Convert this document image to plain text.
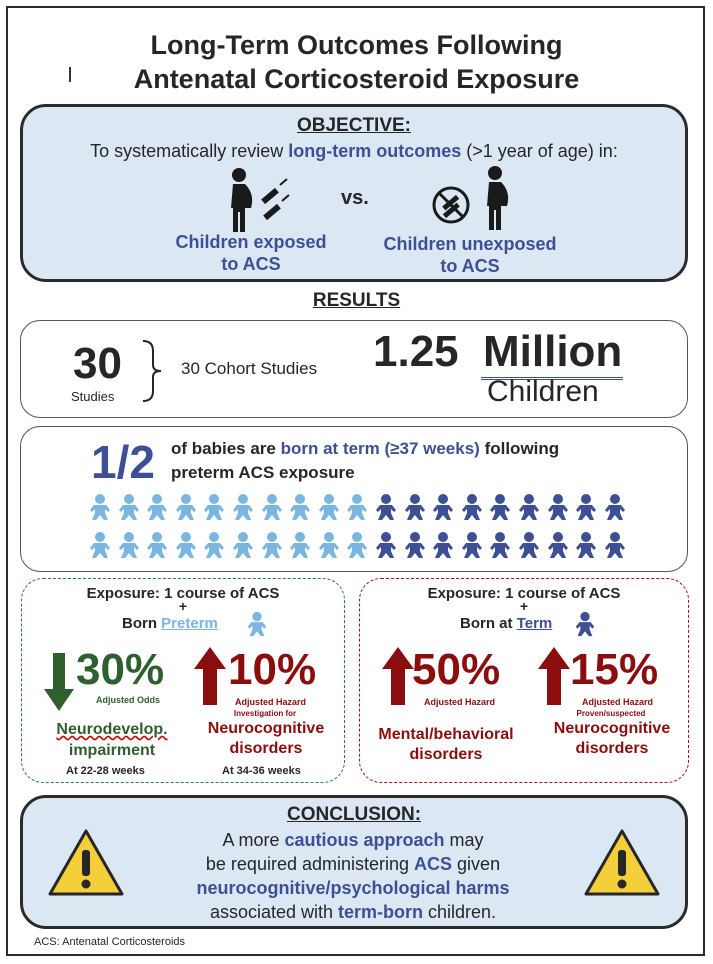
Long-Term Outcomes Following
Antenatal Corticosteroid Exposure
OBJECTIVE:
To systematically review long-term outcomes (>1 year of age) in:
vs.
Children exposed
to ACS
Children unexposed
to ACS
RESULTS
30
Studies
30 Cohort Studies 1.25 Million
Children
1/2 of babies are born at term (≥37 weeks) following
preterm ACS exposure
Exposure: 1 course of ACS
+
Born Preterm
30%
Adjusted Odds
Neurodevelop.
impairment
At 22-28 weeks
10%
Adjusted Hazard
Investigation for
Neurocognitive
disorders
At 34-36 weeks
Exposure: 1 course of ACS
+
Born at Term
50%
Adjusted Hazard
Mental/behavioral
disorders
15%
Adjusted Hazard
Proven/suspected
Neurocognitive
disorders
CONCLUSION:
A more cautious approach may
be required administering ACS given
neurocognitive/psychological harms
associated with term-born children.
ACS: Antenatal Corticosteroids
